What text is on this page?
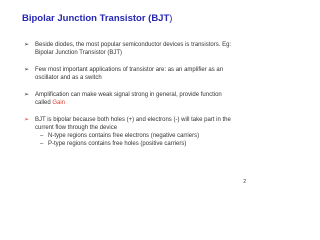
Bipolar Junction Transistor (BJT)
➢ Beside diodes, the most popular semiconductor devices is transistors. Eg:
Bipolar Junction Transistor (BJT)
➢ Few most important applications of transistor are: as an amplifier as an
oscillator and as a switch
➢ Amplification can make weak signal strong in general, provide function
called Gain
➢ BJT is bipolar because both holes (+) and electrons (-) will take part in the
current flow through the device
– N-type regions contains free electrons (negative carriers)
– P-type regions contains free holes (positive carriers)
2
